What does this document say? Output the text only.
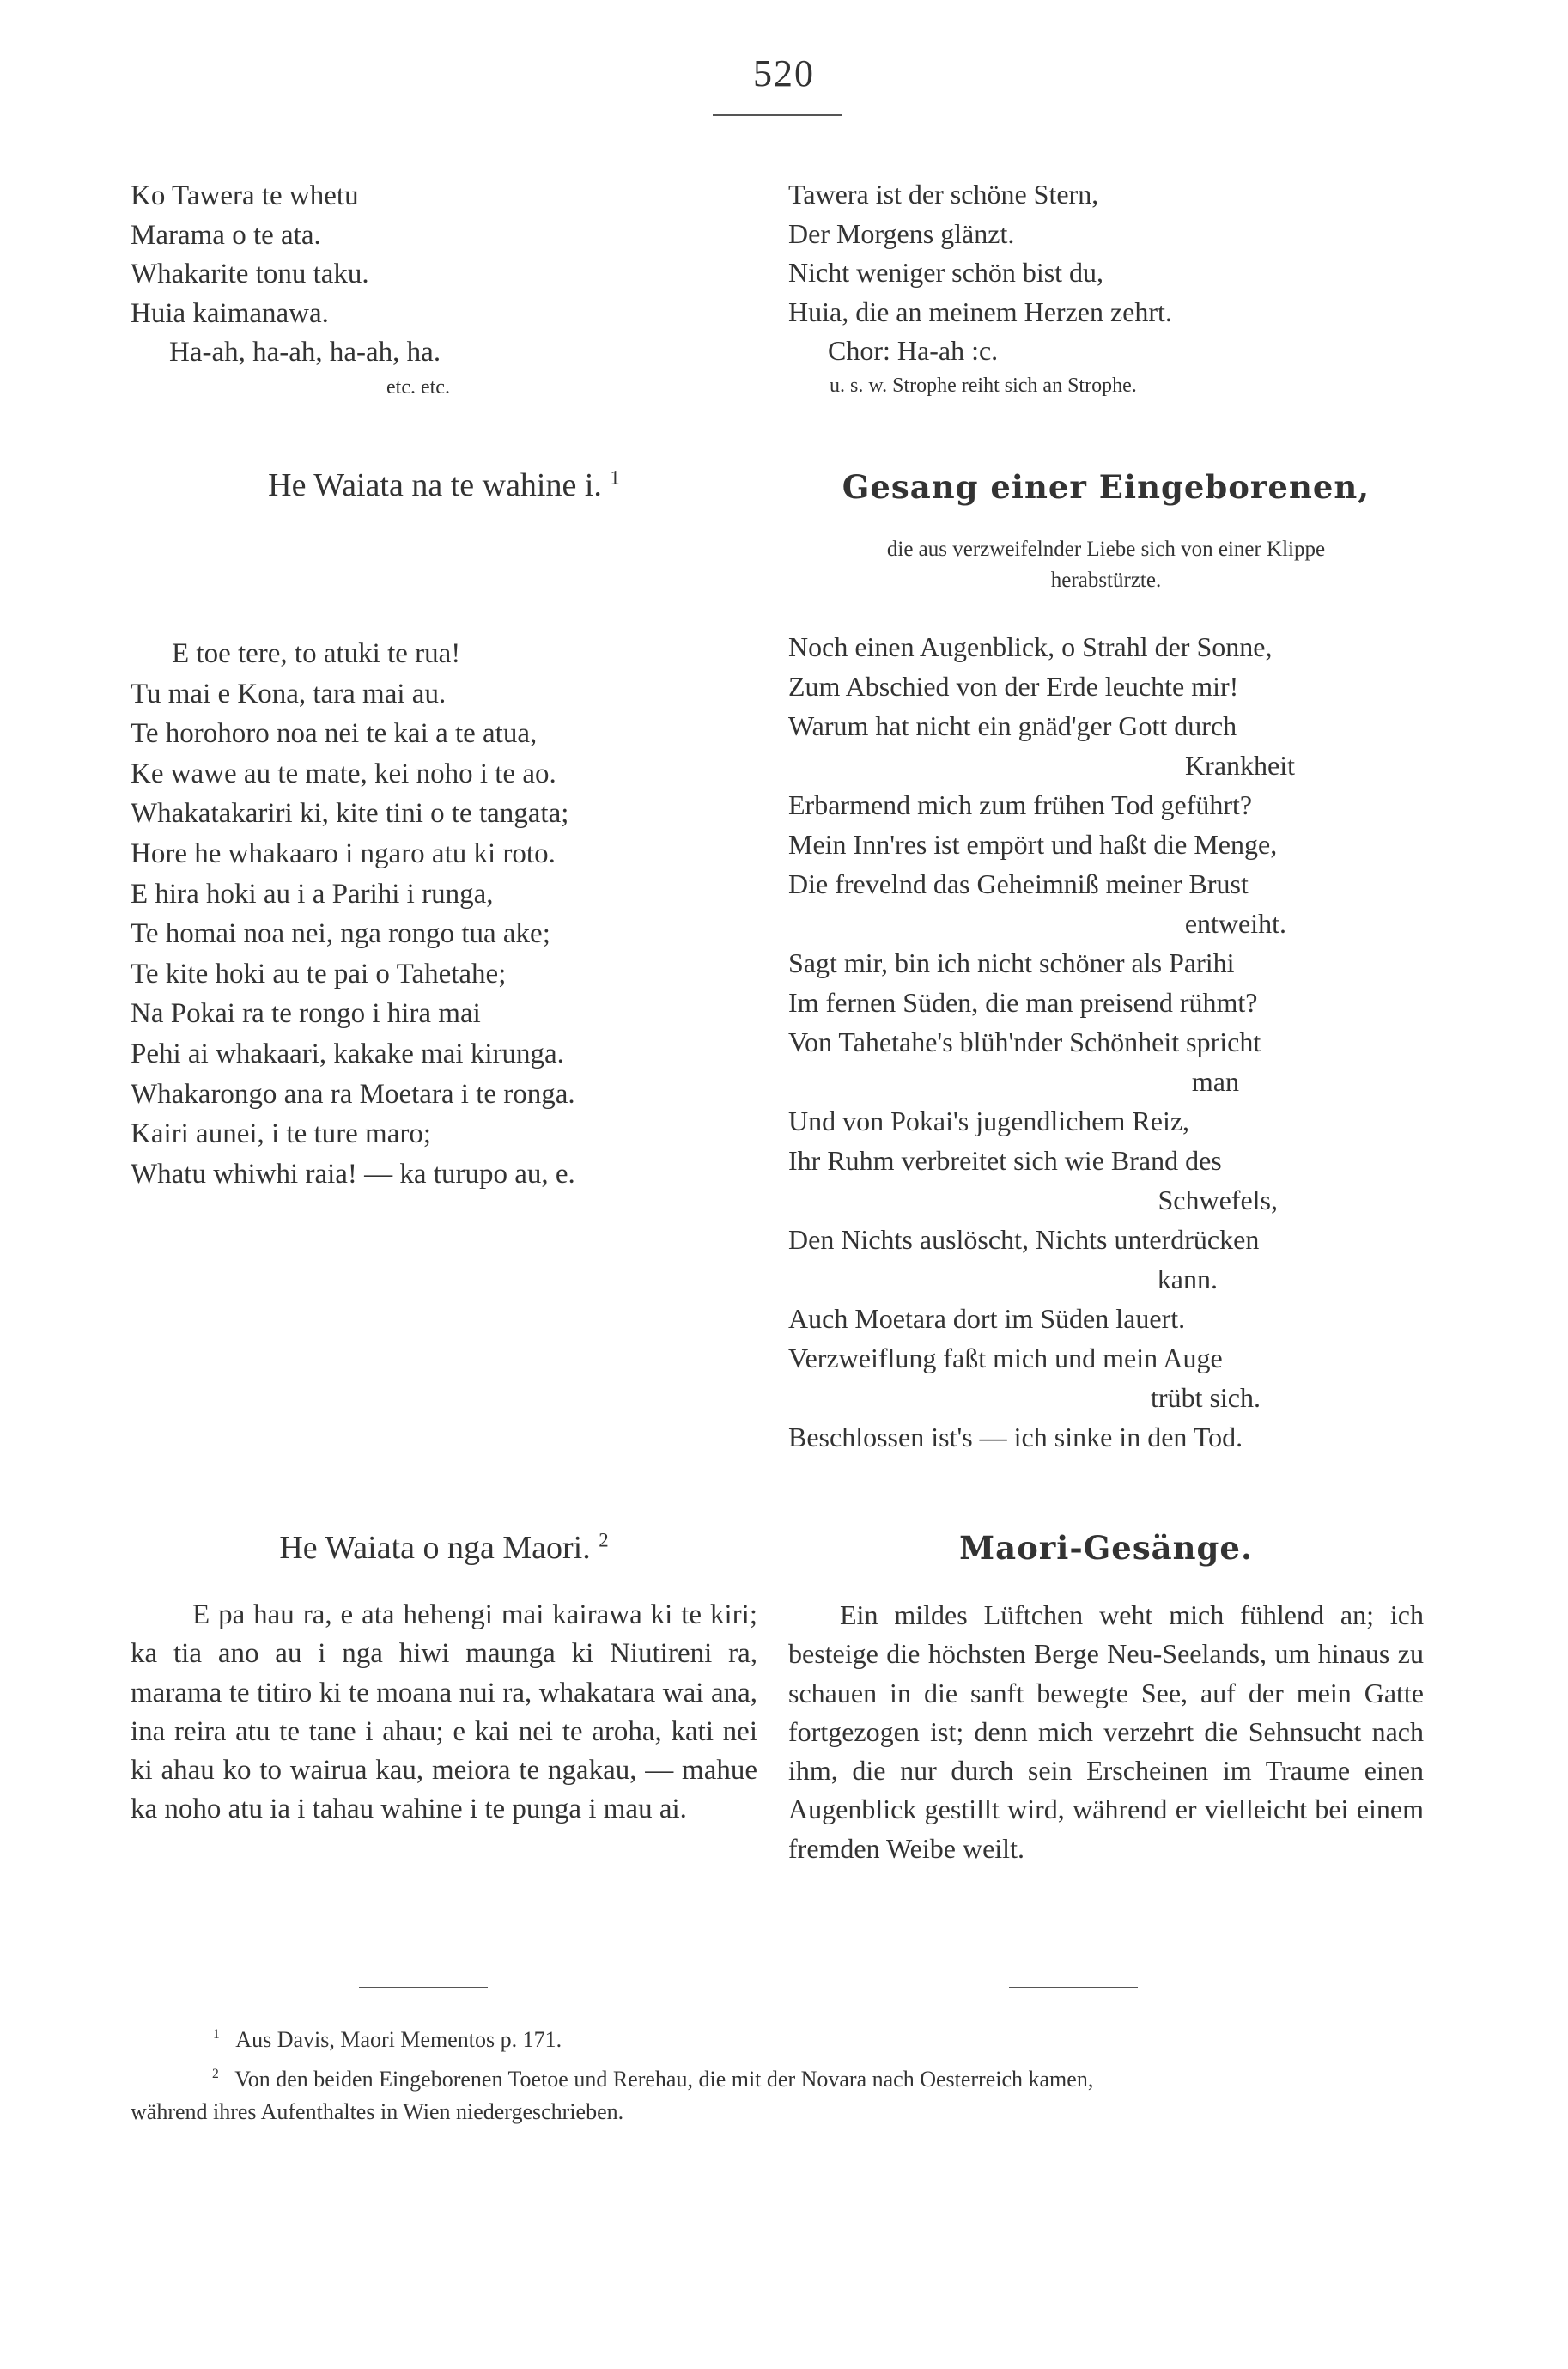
520
Ko Tawera te whetu
Marama o te ata.
Whakarite tonu taku.
Huia kaimanawa.
Ha-ah, ha-ah, ha-ah, ha.
etc. etc.
Tawera ist der schöne Stern,
Der Morgens glänzt.
Nicht weniger schön bist du,
Huia, die an meinem Herzen zehrt.
Chor: Ha-ah :c.
u. s. w. Strophe reiht sich an Strophe.
He Waiata na te wahine i. $^1$	Gesang einer Eingeborenen,
die aus verzweifelnder Liebe sich von einer Klippe
herabstürzte.
E toe tere, to atuki te rua!
Tu mai e Kona, tara mai au.
Te horohoro noa nei te kai a te atua,
Ke wawe au te mate, kei noho i te ao.
Whakatakariri ki, kite tini o te tangata;
Hore he whakaaro i ngaro atu ki roto.
E hira hoki au i a Parihi i runga,
Te homai noa nei, nga rongo tua ake;
Te kite hoki au te pai o Tahetahe;
Na Pokai ra te rongo i hira mai
Pehi ai whakaari, kakake mai kirunga.
Whakarongo ana ra Moetara i te ronga.
Kairi aunei, i te ture maro;
Whatu whiwhi raia! — ka turupo au, e.
Noch einen Augenblick, o Strahl der Sonne,
Zum Abschied von der Erde leuchte mir!
Warum hat nicht ein gnäd'ger Gott durch
Krankheit
Erbarmend mich zum frühen Tod geführt?
Mein Inn'res ist empört und haßt die Menge,
Die frevelnd das Geheimniß meiner Brust
entweiht.
Sagt mir, bin ich nicht schöner als Parihi
Im fernen Süden, die man preisend rühmt?
Von Tahetahe's blüh'nder Schönheit spricht
man
Und von Pokai's jugendlichem Reiz,
Ihr Ruhm verbreitet sich wie Brand des
Schwefels,
Den Nichts auslöscht, Nichts unterdrücken
kann.
Auch Moetara dort im Süden lauert.
Verzweiflung faßt mich und mein Auge
trübt sich.
Beschlossen ist's — ich sinke in den Tod.
He Waiata o nga Maori. $^2$	Maori-Gesänge.
E pa hau ra, e ata hehengi mai kairawa ki te kiri; ka tia ano au i nga hiwi maunga ki Niutireni ra, marama te titiro ki te moana nui ra, whakatara wai ana, ina reira atu te tane i ahau; e kai nei te aroha, kati nei ki ahau ko to wairua kau, meiora te ngakau, — mahue ka noho atu ia i tahau wahine i te punga i mau ai.
Ein mildes Lüftchen weht mich fühlend an; ich besteige die höchsten Berge Neu-Seelands, um hinaus zu schauen in die sanft bewegte See, auf der mein Gatte fortgezogen ist; denn mich verzehrt die Sehnsucht nach ihm, die nur durch sein Erscheinen im Traume einen Augenblick gestillt wird, während er vielleicht bei einem fremden Weibe weilt.
$^1$ Aus Davis, Maori Mementos p. 171.
$^2$ Von den beiden Eingeborenen Toetoe und Rerehau, die mit der Novara nach Oesterreich kamen,
während ihres Aufenthaltes in Wien niedergeschrieben.
